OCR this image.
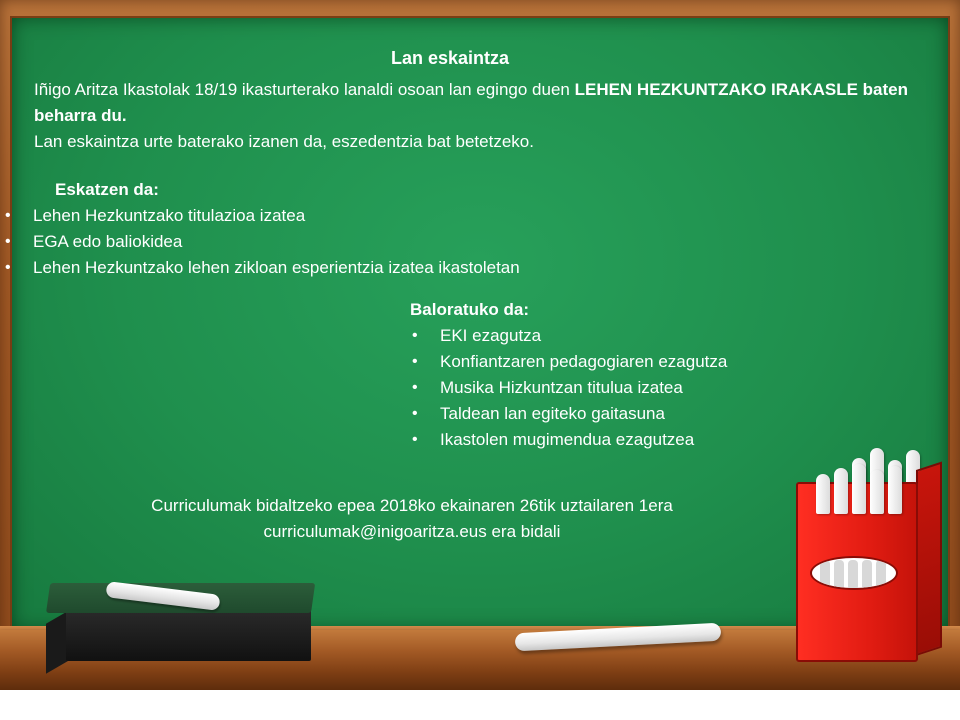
Lan eskaintza
Iñigo Aritza Ikastolak 18/19 ikasturterako lanaldi osoan lan egingo duen LEHEN HEZKUNTZAKO IRAKASLE baten beharra du.
Lan eskaintza urte baterako izanen da, eszedentzia bat betetzeko.
Eskatzen da:
• Lehen Hezkuntzako titulazioa izatea
• EGA edo baliokidea
• Lehen Hezkuntzako lehen zikloan esperientzia izatea ikastoletan
Baloratuko da:
• EKI ezagutza
• Konfiantzaren pedagogiaren ezagutza
• Musika Hizkuntzan titulua izatea
• Taldean lan egiteko gaitasuna
• Ikastolen mugimendua ezagutzea
Curriculumak bidaltzeko epea 2018ko ekainaren 26tik uztailaren 1era
curriculumak@inigoaritza.eus era bidali
